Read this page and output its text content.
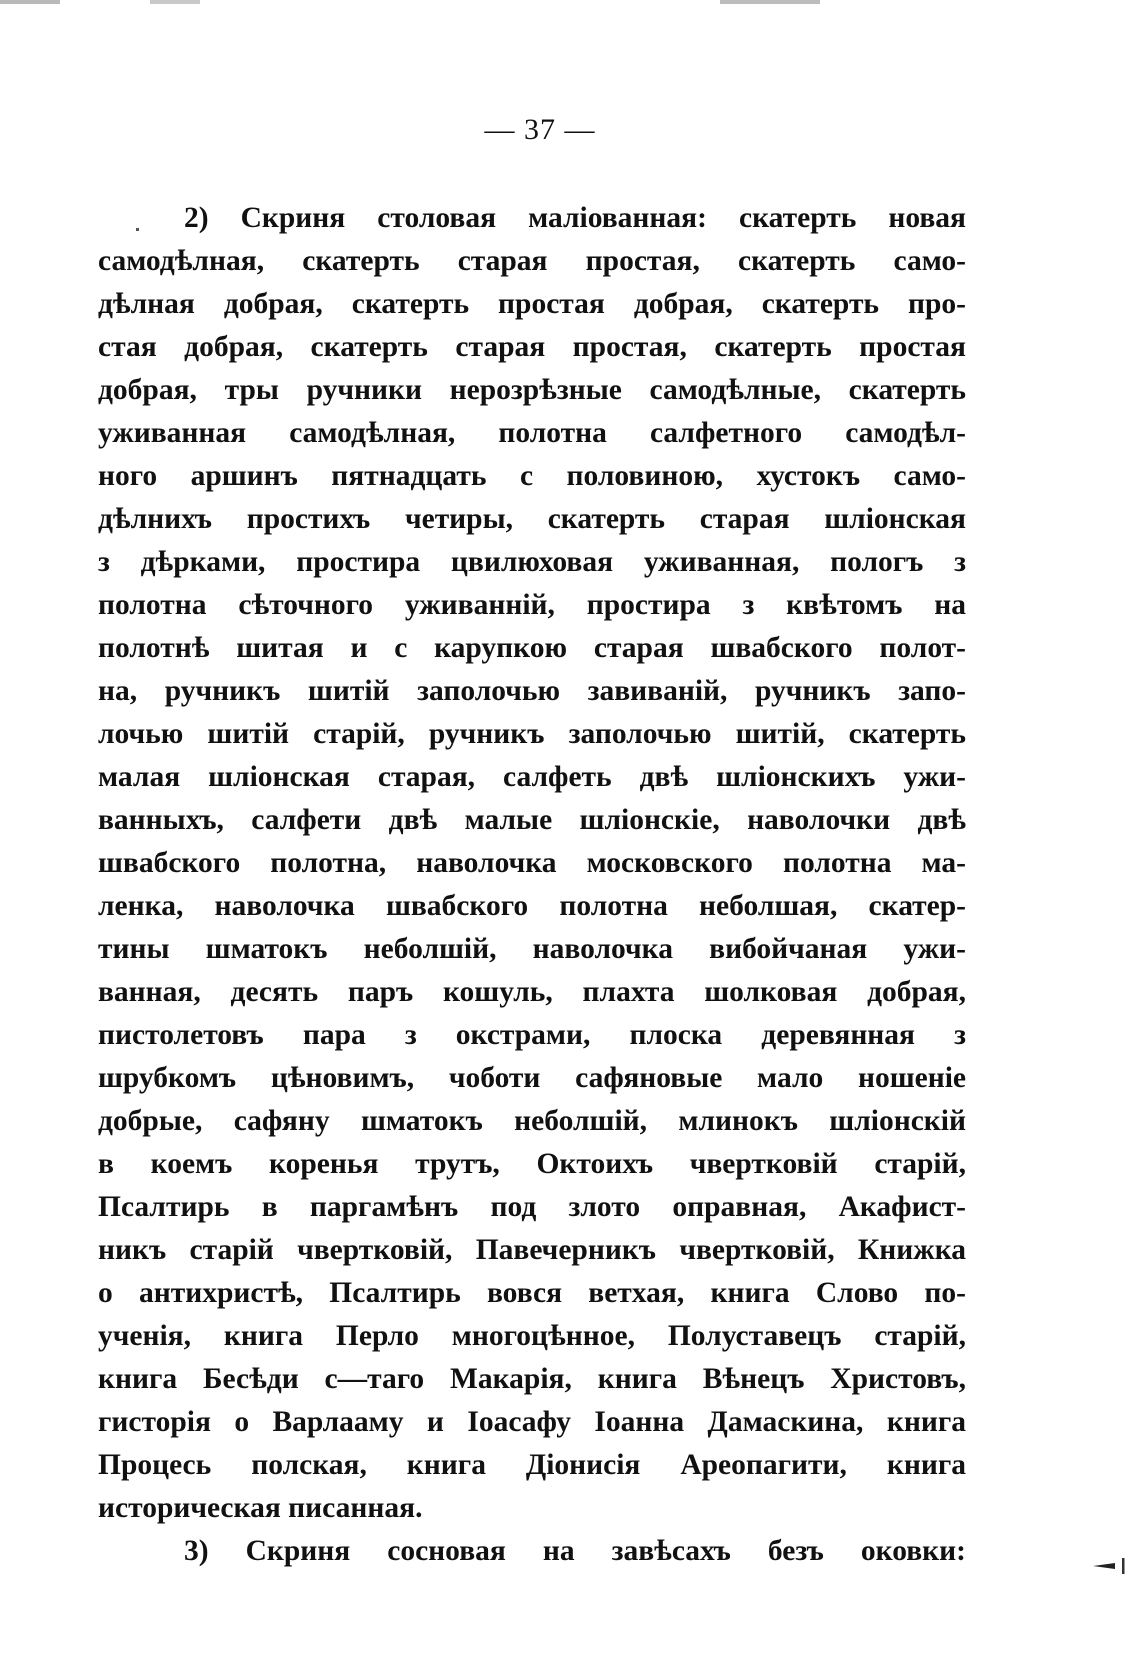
— 37 —
2) Скриня столовая маліованная: скатерть новая
самодѣлная, скатерть старая простая, скатерть само-
дѣлная добрая, скатерть простая добрая, скатерть про-
стая добрая, скатерть старая простая, скатерть простая
добрая, тры ручники нерозрѣзные самодѣлные, скатерть
уживанная самодѣлная, полотна салфетного самодѣл-
ного аршинъ пятнадцать с половиною, хустокъ само-
дѣлнихъ простихъ четиры, скатерть старая шліонская
з дѣрками, простира цвилюховая уживанная, пологъ з
полотна сѣточного уживанній, простира з квѣтомъ на
полотнѣ шитая и с карупкою старая швабского полот-
на, ручникъ шитій заполочью завиваній, ручникъ запо-
лочью шитій старій, ручникъ заполочью шитій, скатерть
малая шліонская старая, салфеть двѣ шліонскихъ ужи-
ванныхъ, салфети двѣ малые шліонскіе, наволочки двѣ
швабского полотна, наволочка московского полотна ма-
ленка, наволочка швабского полотна неболшая, скатер-
тины шматокъ неболшій, наволочка вибойчаная ужи-
ванная, десять паръ кошуль, плахта шолковая добрая,
пистолетовъ пара з окстрами, плоска деревянная з
шрубкомъ цѣновимъ, чоботи сафяновые мало ношеніе
добрые, сафяну шматокъ неболшій, млинокъ шліонскій
в коемъ коренья трутъ, Октоихъ чвертковій старій,
Псалтирь в паргамѣнъ под злото оправная, Акафист-
никъ старій чвертковій, Павечерникъ чвертковій, Книжка
о антихристѣ, Псалтирь вовся ветхая, книга Слово по-
ученія, книга Перло многоцѣнное, Полуставецъ старій,
книга Бесѣди с—таго Макарія, книга Вѣнецъ Христовъ,
гисторія о Варлааму и Іоасафу Іоанна Дамаскина, книга
Процесь полская, книга Діонисія Ареопагити, книга
историческая писанная.
3) Скриня сосновая на завѣсахъ безъ оковки:
